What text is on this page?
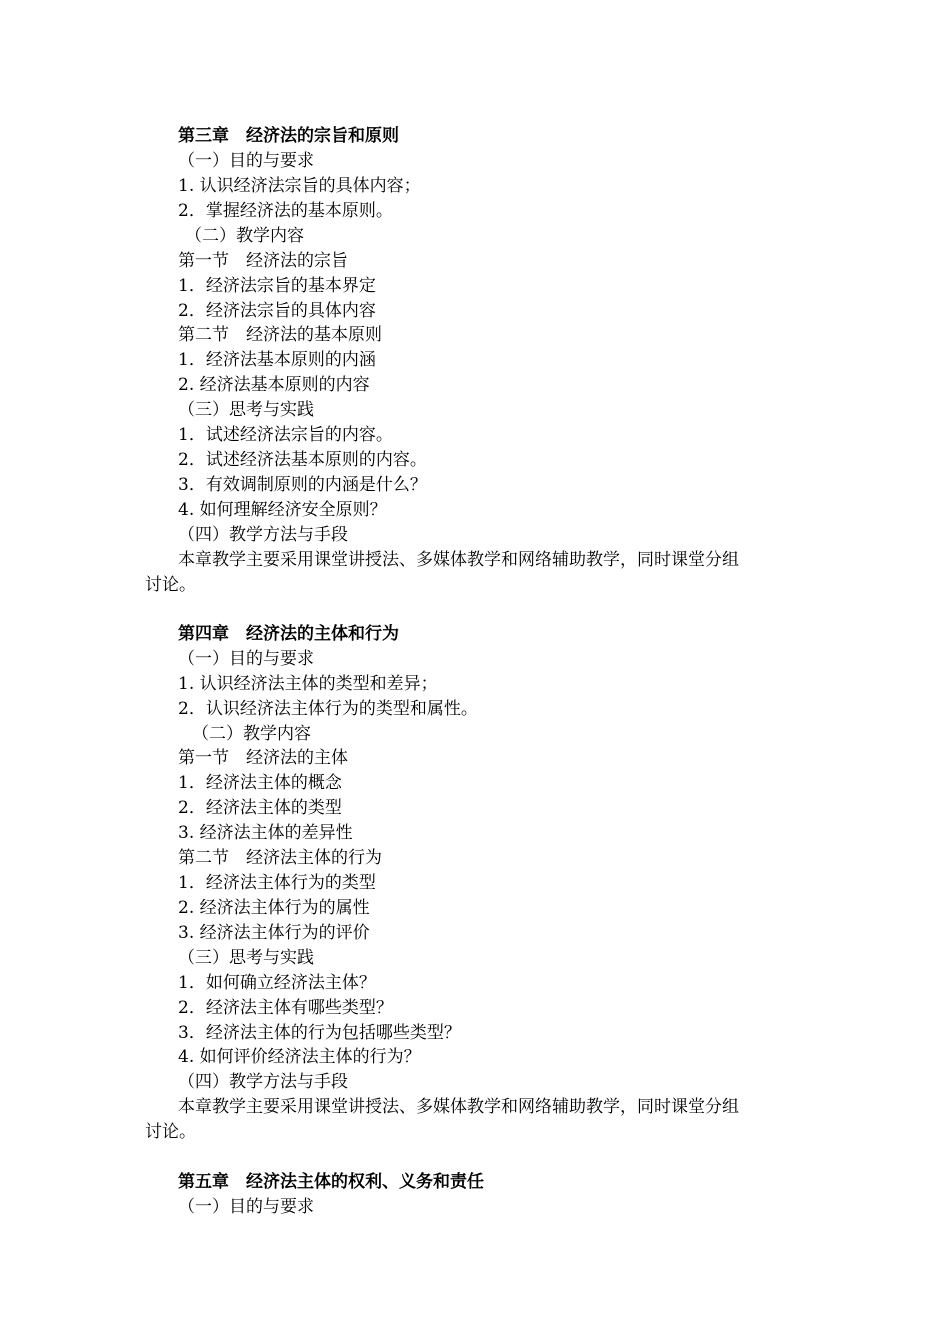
第三章　经济法的宗旨和原则
（一）目的与要求
1. 认识经济法宗旨的具体内容；
2．掌握经济法的基本原则。
（二）教学内容
第一节　经济法的宗旨
1．经济法宗旨的基本界定
2．经济法宗旨的具体内容
第二节　经济法的基本原则
1．经济法基本原则的内涵
2. 经济法基本原则的内容
（三）思考与实践
1．试述经济法宗旨的内容。
2．试述经济法基本原则的内容。
3．有效调制原则的内涵是什么？
4. 如何理解经济安全原则？
（四）教学方法与手段
本章教学主要采用课堂讲授法、多媒体教学和网络辅助教学，同时课堂分组
讨论。
第四章　经济法的主体和行为
（一）目的与要求
1. 认识经济法主体的类型和差异；
2．认识经济法主体行为的类型和属性。
（二）教学内容
第一节　经济法的主体
1．经济法主体的概念
2．经济法主体的类型
3. 经济法主体的差异性
第二节　经济法主体的行为
1．经济法主体行为的类型
2. 经济法主体行为的属性
3. 经济法主体行为的评价
（三）思考与实践
1．如何确立经济法主体？
2．经济法主体有哪些类型？
3．经济法主体的行为包括哪些类型？
4. 如何评价经济法主体的行为？
（四）教学方法与手段
本章教学主要采用课堂讲授法、多媒体教学和网络辅助教学，同时课堂分组
讨论。
第五章　经济法主体的权利、义务和责任
（一）目的与要求
